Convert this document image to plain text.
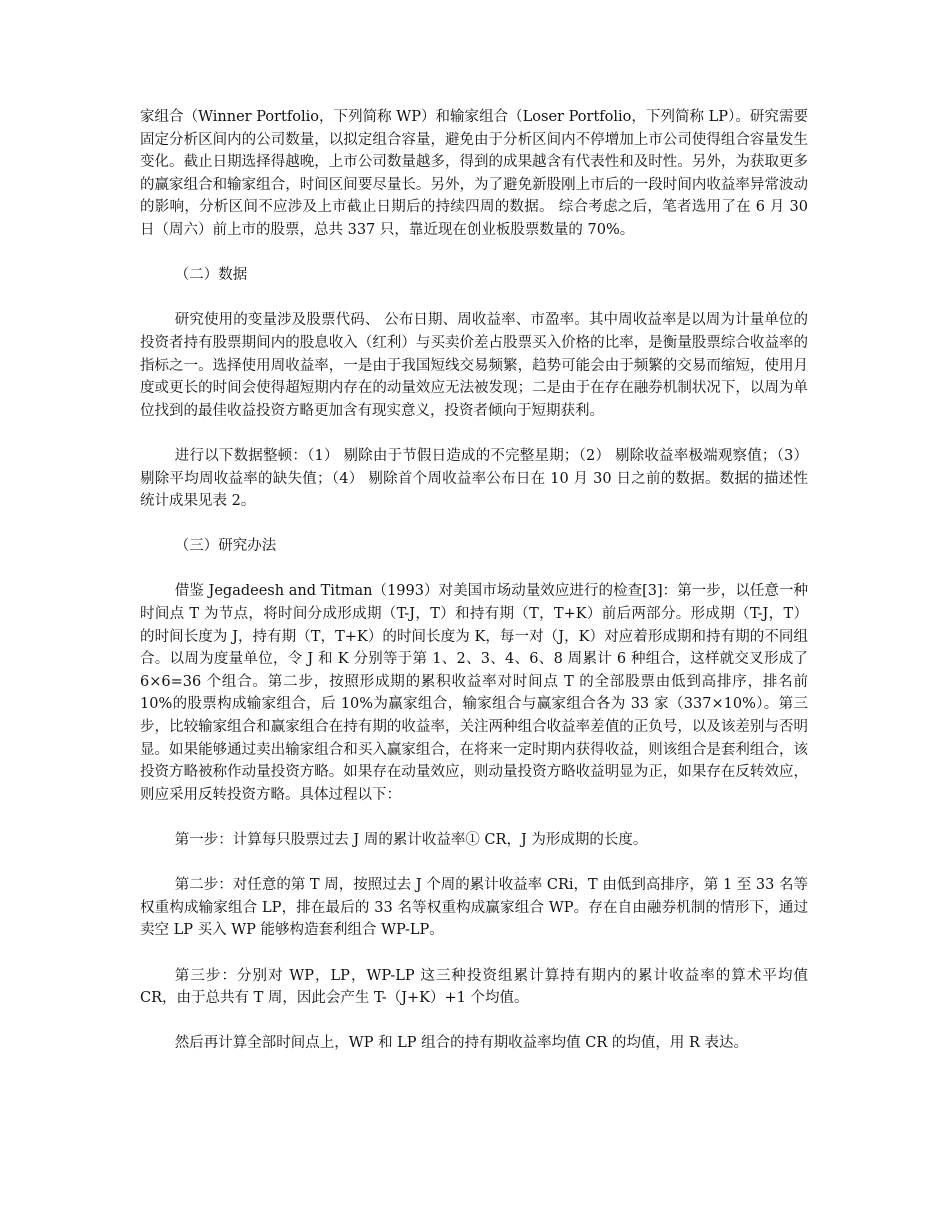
家组合（Winner Portfolio，下列简称 WP）和输家组合（Loser Portfolio，下列简称 LP）。研究需要固定分析区间内的公司数量，以拟定组合容量，避免由于分析区间内不停增加上市公司使得组合容量发生变化。截止日期选择得越晚，上市公司数量越多，得到的成果越含有代表性和及时性。另外，为获取更多的赢家组合和输家组合，时间区间要尽量长。另外，为了避免新股刚上市后的一段时间内收益率异常波动的影响，分析区间不应涉及上市截止日期后的持续四周的数据。 综合考虑之后，笔者选用了在 6 月 30 日（周六）前上市的股票，总共 337 只，靠近现在创业板股票数量的 70%。

（二）数据

研究使用的变量涉及股票代码、 公布日期、周收益率、市盈率。其中周收益率是以周为计量单位的投资者持有股票期间内的股息收入（红利）与买卖价差占股票买入价格的比率，是衡量股票综合收益率的指标之一。选择使用周收益率，一是由于我国短线交易频繁，趋势可能会由于频繁的交易而缩短，使用月度或更长的时间会使得超短期内存在的动量效应无法被发现；二是由于在存在融券机制状况下，以周为单位找到的最佳收益投资方略更加含有现实意义，投资者倾向于短期获利。

进行以下数据整顿：（1） 剔除由于节假日造成的不完整星期；（2） 剔除收益率极端观察值；（3）剔除平均周收益率的缺失值；（4） 剔除首个周收益率公布日在 10 月 30 日之前的数据。数据的描述性统计成果见表 2。

（三）研究办法

借鉴 Jegadeesh and Titman（1993）对美国市场动量效应进行的检查[3]：第一步，以任意一种时间点 T 为节点，将时间分成形成期（T-J，T）和持有期（T，T+K）前后两部分。形成期（T-J，T）的时间长度为 J，持有期（T，T+K）的时间长度为 K，每一对（J，K）对应着形成期和持有期的不同组合。以周为度量单位，令 J 和 K 分别等于第 1、2、3、4、6、8 周累计 6 种组合，这样就交叉形成了 6×6=36 个组合。第二步，按照形成期的累积收益率对时间点 T 的全部股票由低到高排序，排名前 10%的股票构成输家组合，后 10%为赢家组合，输家组合与赢家组合各为 33 家（337×10%）。第三步，比较输家组合和赢家组合在持有期的收益率，关注两种组合收益率差值的正负号，以及该差别与否明显。如果能够通过卖出输家组合和买入赢家组合，在将来一定时期内获得收益，则该组合是套利组合，该投资方略被称作动量投资方略。如果存在动量效应，则动量投资方略收益明显为正，如果存在反转效应，则应采用反转投资方略。具体过程以下：

第一步：计算每只股票过去 J 周的累计收益率① CR，J 为形成期的长度。

第二步：对任意的第 T 周，按照过去 J 个周的累计收益率 CRi，T 由低到高排序，第 1 至 33 名等权重构成输家组合 LP，排在最后的 33 名等权重构成赢家组合 WP。存在自由融券机制的情形下，通过卖空 LP 买入 WP 能够构造套利组合 WP-LP。

第三步：分别对 WP，LP，WP-LP 这三种投资组累计算持有期内的累计收益率的算术平均值 CR，由于总共有 T 周，因此会产生 T-（J+K）+1 个均值。

然后再计算全部时间点上，WP 和 LP 组合的持有期收益率均值 CR 的均值，用 R 表达。
